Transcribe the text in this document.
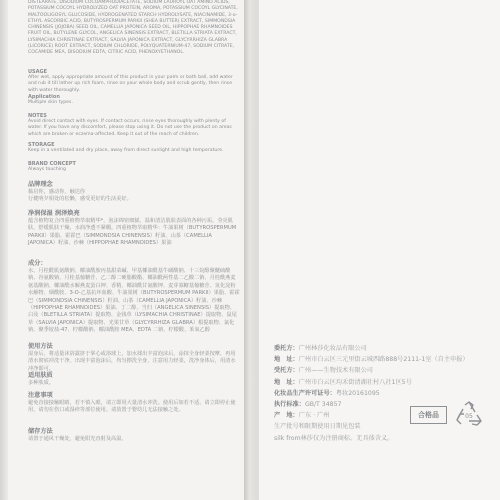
DISTEARATE, DISODIUM COCOAMPHODIACETATE, SODIUM LAUROYL OAT AMINO ACIDS, POTASSIUM COCOYL HYDROLYZED OAT PROTEIN, AROMA, POTASSIUM COCOYL GLYCINATE, MALTOOLIGOSYL GLUCOSIDE, HYDROGENATED STARCH HYDROLYSATE, NIACINAMIDE, 3-o-ETHYL ASCORBIC ACID, BUTYROSPERMUM PARKII (SHEA BUTTER) EXTRACT, SIMMONDSIA CHINENSIS (JOJOBA) SEED OIL, CAMELLIA JAPONICA SEED OIL, HIPPOPHAE RHAMNOIDES FRUIT OIL, BUTYLENE GLYCOL, ANGELICA SINENSIS EXTRACT, BLETILLA STRIATA EXTRACT, LYSIMACHIA CHRISTINAE EXTRACT, SALVIA JAPONICA EXTRACT, GLYCYRRHIZA GLABRA (LICORICE) ROOT EXTRACT, SODIUM CHLORIDE, POLYQUATERNIUM-47, SODIUM CITRATE, COCAMIDE MEA, DISODIUM EDTA, CITRIC ACID, PHENOXYETHANOL.

USAGE

After wet, apply appropriate amount of this product in your palm or bath ball, add water and rub it till lather up rich foam, rinse on your whole body and scrub gently, then rinse with water thoroughly.

Application

Multiple skin types.

NOTES

Avoid direct contact with eyes. If contact occurs, rinse eyes thoroughly with plenty of water. If you have any discomfort, please stop using it. Do not use the product on areas which are broken or eczema-affected. Keep it out of the reach of children.

STORAGE

Keep in a ventilated and dry place, away from direct sunlight and high temperature.

BRAND CONCEPT

Always touching

品牌理念

黏启你，感动你，触达你

行健明夕相处的松懒，感受更好的生活美好。

净润保湿 润泽焕亮

蕴含植物复合四重植物萃取精华*，泡沫绵密细腻，温和清洁肌肤表面的各种污垢，莹亮肌肤，舒缓肌肤干燥，水润净透不紧绷。四重植物萃取精华：牛油果树（BUTYROSPERMUM PARKII）果脂、霍霍巴（SIMMONDSIA CHINENSIS）籽油、山茶（CAMELLIA JAPONICA）籽油、沙棘（HIPPOPHAE RHAMNOIDES）果油

成分：

水、月桂酰肌氨酸钠、椰油酰胺丙基甜菜碱、甲基椰油酰基牛磺酸钠、十三烷醇聚醚硫酸钠、谷氨酸钠、月桂基葡糖苷、乙二醇二硬脂酸酯、椰油酰两性基二乙酸二钠、月桂酰燕麦氨基酸钠、椰油酰水解燕麦蛋白钾、香精、椰油酰甘氨酸钾、麦芽寡糖基葡糖苷、氢化淀粉水解物、烟酰胺、3-O-乙基抗坏血酸、牛油果树（BUTYROSPERMUM PARKII）果脂、霍霍巴（SIMMONDSIA CHINENSIS）籽油、山茶（CAMELLIA JAPONICA）籽油、沙棘（HIPPOPHAE RHAMNOIDES）果油、丁二醇、当归（ANGELICA SINENSIS）提取物、白及（BLETILLA STRIATA）提取物、金钱草（LYSIMACHIA CHRISTINAE）提取物、鼠尾草（SALVIA JAPONICA）提取物、光果甘草（GLYCYRRHIZA GLABRA）根提取物、氯化钠、聚季铵盐-47、柠檬酸钠、椰油酰胺 MEA、EDTA 二钠、柠檬酸、苯氧乙醇

使用方法

湿身后，将适量沐浴露挤于掌心或浴球上，加水揉出丰富泡沫后，涂抹全身轻柔按摩，再用清水彻底冲洗干净。出现丰富泡沫后，均匀擦洗全身，注意用力轻柔，洗净身体后，用清水冲净即可。

适用肤质

多种肤质。

注意事项

避免直接接触眼睛，若不慎入眼，请立即用大量清水冲洗。使用后如若不适，请立即停止使用，请勿在伤口或湿疹等部位使用。请放置于婴幼儿无法接触之处。

储存方法

请置于通风干燥处，避免阳光直射及高温。

委托方：广州林莎化妆品有限公司
地　址：广州市白云区三元里街云城西路888号2111-1室（自主申报）
受托方：广州——生物技术有限公司
地　址：广州市白云区均禾街清湖社村八社1区5号
化妆品生产许可证号：粤妆20161095
执行标准：GB/T 34857
产　地：广东 · 广州
生产批号和限期使用日期见包装
silk from林莎仅为注册商标。无具体含义。
合格品	05
